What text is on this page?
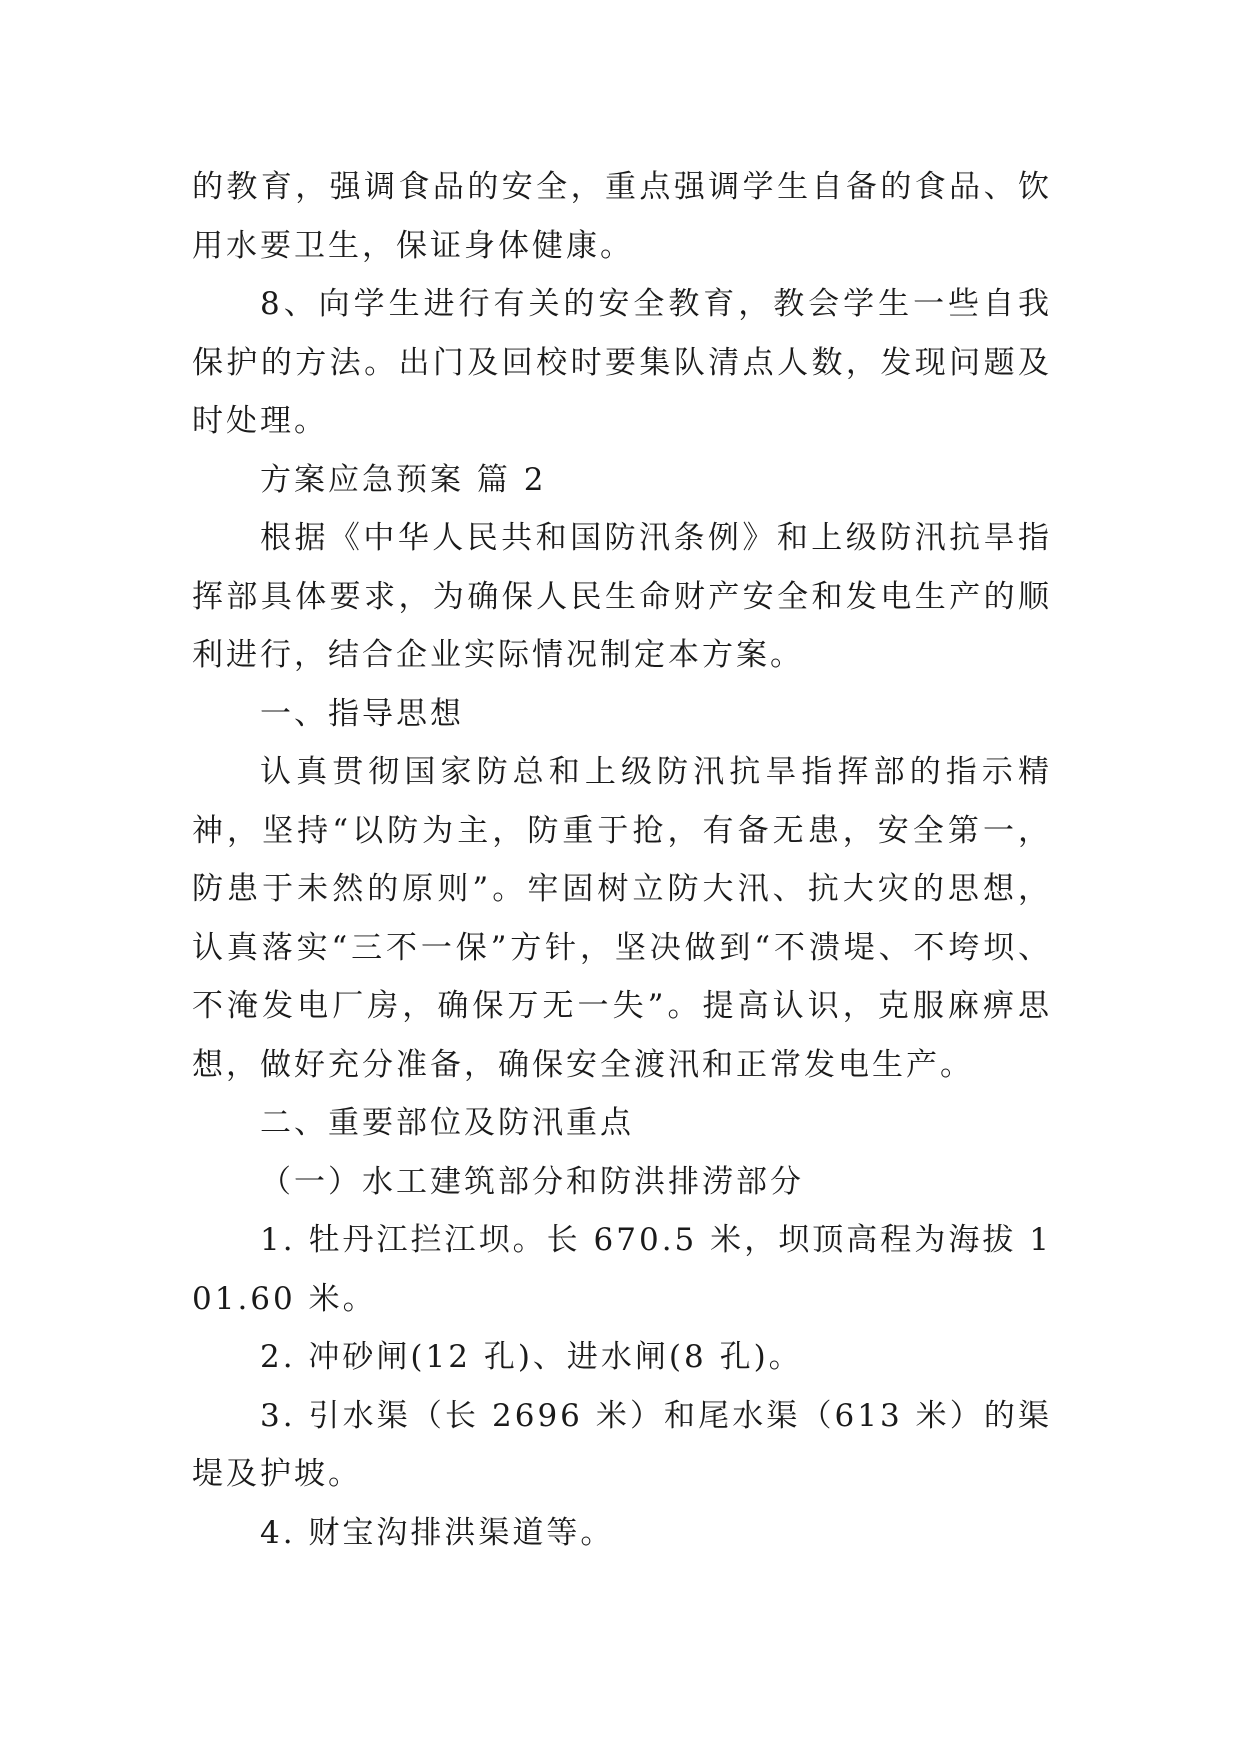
的教育，强调食品的安全，重点强调学生自备的食品、饮用水要卫生，保证身体健康。

8、向学生进行有关的安全教育，教会学生一些自我保护的方法。出门及回校时要集队清点人数，发现问题及时处理。

方案应急预案 篇 2

根据《中华人民共和国防汛条例》和上级防汛抗旱指挥部具体要求，为确保人民生命财产安全和发电生产的顺利进行，结合企业实际情况制定本方案。

一、指导思想

认真贯彻国家防总和上级防汛抗旱指挥部的指示精神，坚持“以防为主，防重于抢，有备无患，安全第一，防患于未然的原则”。牢固树立防大汛、抗大灾的思想，认真落实“三不一保”方针，坚决做到“不溃堤、不垮坝、不淹发电厂房，确保万无一失”。提高认识，克服麻痹思想，做好充分准备，确保安全渡汛和正常发电生产。

二、重要部位及防汛重点

（一）水工建筑部分和防洪排涝部分

1. 牡丹江拦江坝。长 670.5 米，坝顶高程为海拔 101.60 米。

2. 冲砂闸(12 孔)、进水闸(8 孔)。

3. 引水渠（长 2696 米）和尾水渠（613 米）的渠堤及护坡。

4. 财宝沟排洪渠道等。
